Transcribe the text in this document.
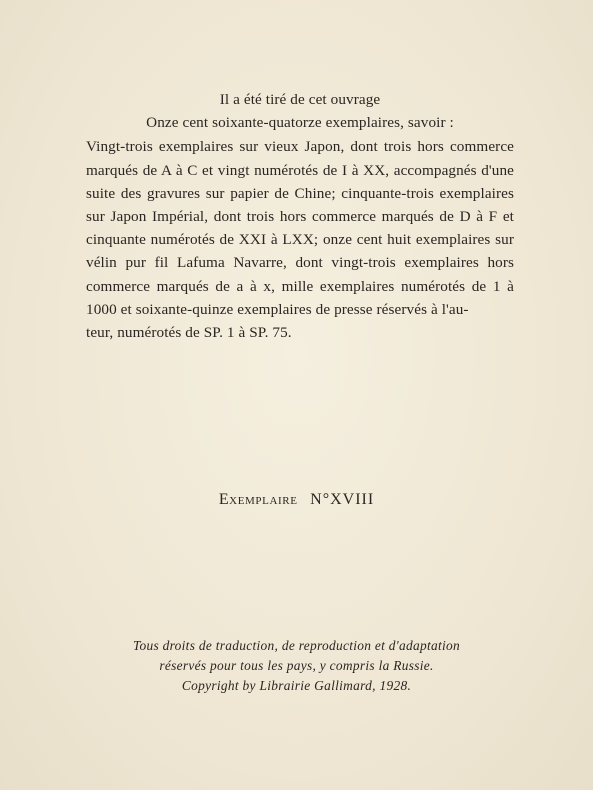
Il a été tiré de cet ouvrage

Onze cent soixante-quatorze exemplaires, savoir :

Vingt-trois exemplaires sur vieux Japon, dont trois hors commerce marqués de A à C et vingt numérotés de I à XX, accompagnés d'une suite des gravures sur papier de Chine; cinquante-trois exemplaires sur Japon Impérial, dont trois hors commerce marqués de D à F et cinquante numérotés de XXI à LXX; onze cent huit exemplaires sur vélin pur fil Lafuma Navarre, dont vingt-trois exemplaires hors commerce marqués de a à x, mille exemplaires numérotés de 1 à 1000 et soixante-quinze exemplaires de presse réservés à l'au-
teur, numérotés de SP. 1 à SP. 75.

Exemplaire N°XVIII
Tous droits de traduction, de reproduction et d'adaptation
réservés pour tous les pays, y compris la Russie.
Copyright by Librairie Gallimard, 1928.
